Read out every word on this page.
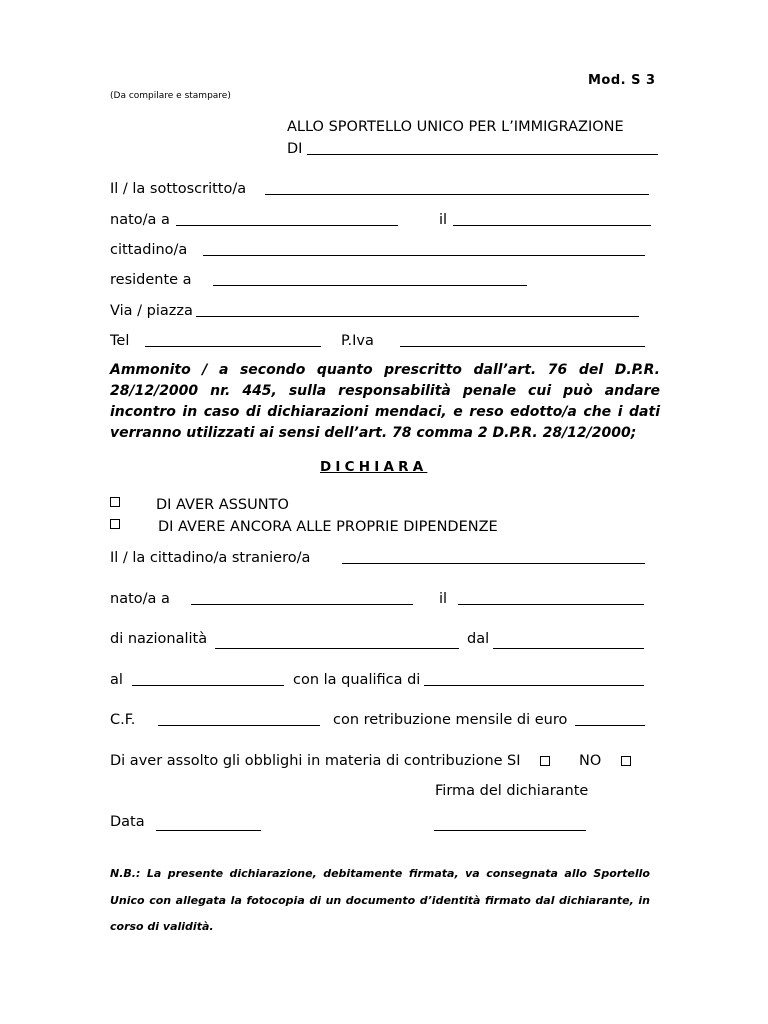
Mod. S 3
(Da compilare e stampare)
ALLO SPORTELLO UNICO PER L’IMMIGRAZIONE
DI
Il / la sottoscritto/a
nato/a a	il
cittadino/a
residente a
Via / piazza
Tel	P.Iva
Ammonito / a secondo quanto prescritto dall’art. 76 del D.P.R. 28/12/2000 nr. 445, sulla responsabilità penale cui può andare incontro in caso di dichiarazioni mendaci, e reso edotto/a che i dati verranno utilizzati ai sensi dell’art. 78 comma 2 D.P.R. 28/12/2000;
DICHIARA
DI AVER ASSUNTO
DI AVERE ANCORA ALLE PROPRIE DIPENDENZE
Il / la cittadino/a straniero/a
nato/a a	il
di nazionalità	dal
al	con la qualifica di
C.F.	con retribuzione mensile di euro
Di aver assolto gli obblighi in materia di contribuzione SI	NO
Firma del dichiarante
Data
N.B.: La presente dichiarazione, debitamente firmata, va consegnata allo Sportello Unico con allegata la fotocopia di un documento d’identità firmato dal dichiarante, in corso di validità.
